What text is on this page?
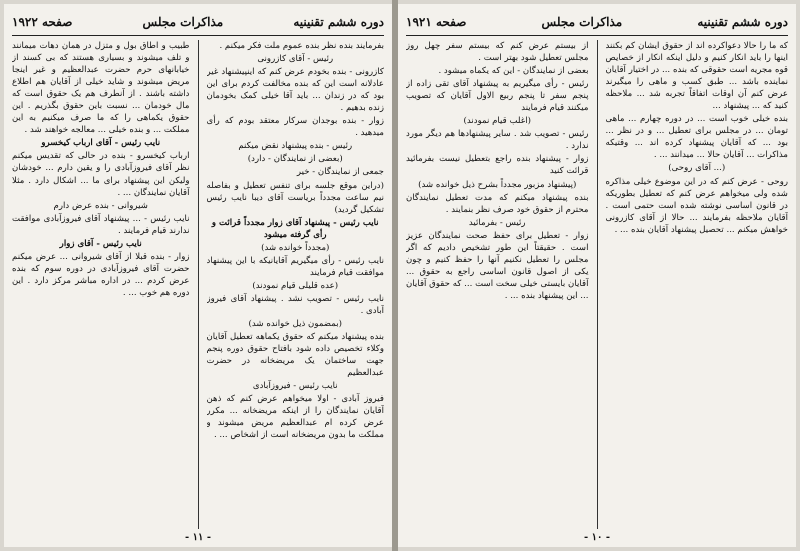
دوره ششم تقنينيه
مذاكرات مجلس
صفحه ۱۹۲۲

بفرمایند بنده نظر بنده عموم ملت فکر میکنم .

رئیس - آقای کازرونی

کازرونی - بنده بخودم عرض کنم که اینپیشنهاد غیر عادلانه است این که بنده مخالفت کردم برای این بود که در زندان ... باید آقا خیلی کمک بخودمان زنده بدهیم .

زوار - بنده بوجدان سرکار معتقد بودم که رأی میدهید .

رئیس - بنده پیشنهاد نقض میکنم

(بعضی از نمایندگان - دارد)

جمعی از نمایندگان - خیر

(دراین موقع جلسه برای تنفس تعطیل و بفاصله نیم ساعت مجدداً بریاست آقای دیبا نایب رئیس تشکیل گردید)

نایب رئیس - پیشنهاد آقای زوار مجدداً قرائت و رأی گرفته میشود

(مجدداً خوانده شد)

نایب رئیس - رأی میگیریم آقایانیکه با این پیشنهاد موافقت قیام فرمایند

(عده قلیلی قیام نمودند)

نایب رئیس - تصویب نشد . پیشنهاد آقای فیروز آبادی .

(بمضمون ذیل خوانده شد)

بنده پیشنهاد میکنم که حقوق یکماهه تعطیل آقایان وکلاء تخصیص داده شود بافتاح حقوق دوره پنجم جهت ساختمان یک مریضخانه در حضرت عبدالعظیم

نایب رئیس - فیروزآبادی

فیروز آبادی - اولا میخواهم عرض کنم که ذهن آقایان نمایندگان را از اینکه مریضخانه ... مکرر عرض کرده ام عبدالعظیم مریض میشوند و مملکت ما بدون مریضخانه است از اشخاص ... .

طبیب و اطاق بول و متزل در همان دهات میمانند و تلف میشوند و بسیاری هستند که بی کسند از خیابانهای حرم حضرت عبدالعظیم و غیر اینجا مریض میشوند و شاید خیلی از آقایان هم اطلاع داشته باشند . از آنطرف هم یک حقوق است که مال خودمان ... نسبت باین حقوق بگذریم . این حقوق یکماهی را که ما صرف میکنیم به این مملکت ... و بنده خیلی ... معالجه خواهند شد .

نایب رئیس - آقای ارباب کیخسرو

ارباب کیخسرو - بنده در حالی که تقدیس میکنم نظر آقای فیروزآبادی را و یقین دارم ... خودشان ولیکن این پیشنهاد برای ما ... اشکال دارد . مثلا آقایان نمایندگان ... .

شیروانی - بنده عرض دارم

نایب رئیس - ... پیشنهاد آقای فیروزآبادی موافقت ندارند قیام فرمایند .

نایب رئیس - آقای زوار

زوار - بنده قبلا از آقای شیروانی ... عرض میکنم حضرت آقای فیروزآبادی در دوره سوم که بنده عرض کردم ... در اداره مباشر مرکز دارد . این دوره هم خوب ... .

- ۱۱ -
دوره ششم تقنينيه
مذاكرات مجلس
صفحه ۱۹۲۱

که ما را حالا دعواکرده اند از حقوق ایشان کم بکنند اینها را باید انکار کنیم و دلیل اینکه انکار از خصایص قوه مجریه است حقوقی که بنده ... در اختیار آقایان نماینده باشد ... طبق کسب و ماهی را میگیرند عرض کنم آن اوقات اتفاقاً تجربه شد ... ملاحظه کنید که ... پیشنهاد ...

بنده خیلی خوب است ... در دوره چهارم ... ماهی تومان ... در مجلس برای تعطیل ... و در نظر ... بود ... که آقایان پیشنهاد کرده اند ... وقتیکه مذاکرات ... آقایان حالا ... میدانند ... .

(... آقای روحی)

روحی - عرض کنم که در این موضوع خیلی مذاکره شده ولی میخواهم عرض کنم که تعطیل بطوریکه در قانون اساسی نوشته شده است حتمی است . آقایان ملاحظه بفرمایند ... حالا از آقای کازرونی خواهش میکنم ... تحصیل پیشنهاد آقایان بنده ... .

از بیستم عرض کنم که بیستم سفر چهل روز مجلس تعطیل شود بهتر است .

بعضی از نمایندگان - این که یکماه میشود .

رئیس - رأی میگیریم به پیشنهاد آقای تقی زاده از پنجم سفر تا پنجم ربیع الاول آقایان که تصویب میکنند قیام فرمایند

(اغلب قیام نمودند)

رئیس - تصویب شد . سایر پیشنهادها هم دیگر مورد ندارد .

زوار - پیشنهاد بنده راجع بتعطیل نیست بفرمائید قرائت کنید

(پیشنهاد مزبور مجدداً بشرح ذیل خوانده شد)

بنده پیشنهاد میکنم که مدت تعطیل نمایندگان محترم از حقوق خود صرف نظر بنمایند .

رئیس - بفرمائید

زوار - تعطیل برای حفظ صحت نمایندگان عزیز است . حقیقتاً این طور تشخیص دادیم که اگر مجلس را تعطیل نکنیم آنها را حفظ کنیم و چون یکی از اصول قانون اساسی راجع به حقوق ... آقایان بایستی خیلی سخت است ... که حقوق آقایان ... این پیشنهاد بنده ... .

- ۱۰ -
